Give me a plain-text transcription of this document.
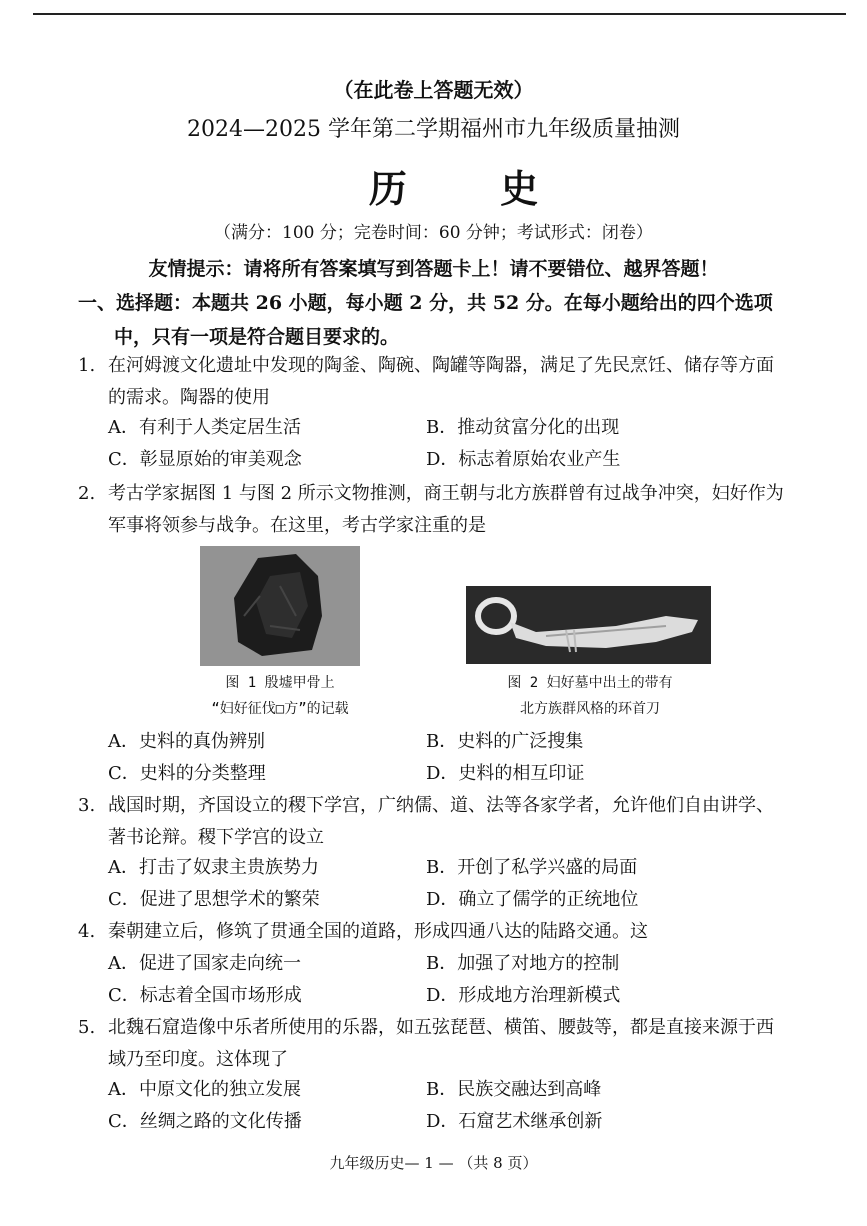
（在此卷上答题无效）
2024—2025 学年第二学期福州市九年级质量抽测
历 史
（满分：100 分；完卷时间：60 分钟；考试形式：闭卷）
友情提示：请将所有答案填写到答题卡上！请不要错位、越界答题！
一、选择题：本题共 26 小题，每小题 2 分，共 52 分。在每小题给出的四个选项
中，只有一项是符合题目要求的。
1. 在河姆渡文化遗址中发现的陶釜、陶碗、陶罐等陶器，满足了先民烹饪、储存等方面的需求。陶器的使用
A．有利于人类定居生活	B．推动贫富分化的出现
C．彰显原始的审美观念	D．标志着原始农业产生
2. 考古学家据图 1 与图 2 所示文物推测，商王朝与北方族群曾有过战争冲突，妇好作为军事将领参与战争。在这里，考古学家注重的是
图 1 殷墟甲骨上
“妇好征伐□方”的记载
图 2 妇好墓中出土的带有
北方族群风格的环首刀
A．史料的真伪辨别	B．史料的广泛搜集
C．史料的分类整理	D．史料的相互印证
3. 战国时期，齐国设立的稷下学宫，广纳儒、道、法等各家学者，允许他们自由讲学、著书论辩。稷下学宫的设立
A．打击了奴隶主贵族势力	B．开创了私学兴盛的局面
C．促进了思想学术的繁荣	D．确立了儒学的正统地位
4. 秦朝建立后，修筑了贯通全国的道路，形成四通八达的陆路交通。这
A．促进了国家走向统一	B．加强了对地方的控制
C．标志着全国市场形成	D．形成地方治理新模式
5. 北魏石窟造像中乐者所使用的乐器，如五弦琵琶、横笛、腰鼓等，都是直接来源于西域乃至印度。这体现了
A．中原文化的独立发展	B．民族交融达到高峰
C．丝绸之路的文化传播	D．石窟艺术继承创新
九年级历史— 1 — （共 8 页）
